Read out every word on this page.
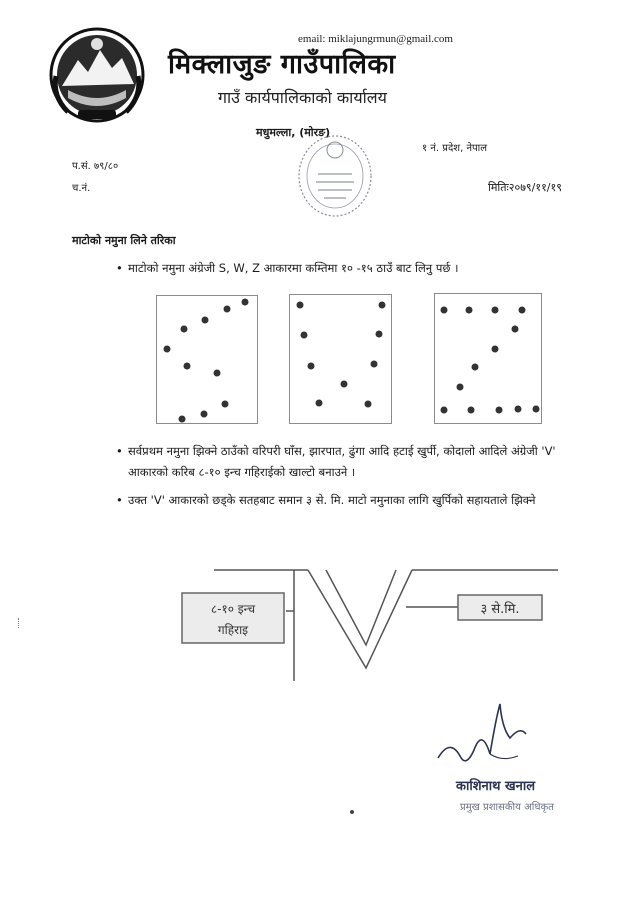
email: miklajungrmun@gmail.com
मिक्लाजुङ गाउँपालिका
गाउँ कार्यपालिकाको कार्यालय
मधुमल्ला, (मोरङ)
१ नं. प्रदेश, नेपाल
प.सं. ७९/८०
च.नं.	मितिः२०७९/११/१९
माटोको नमुना लिने तरिका
• माटोको नमुना अंग्रेजी S, W, Z आकारमा कम्तिमा १० -१५ ठाउँ बाट लिनु पर्छ ।
• सर्वप्रथम नमुना झिक्ने ठाउँको वरिपरी घाँस, झारपात, ढुंगा आदि हटाई खुर्पी, कोदालो आदिले अंग्रेजी 'V' आकारको करिब ८-१० इन्च गहिराईको खाल्टो बनाउने ।
• उक्त 'V' आकारको छड्के सतहबाट समान ३ से. मि. माटो नमुनाका लागि खुर्पिको सहायताले झिक्ने
८-१० इन्च
गहिराइ
३ से.मि.
काशिनाथ खनाल
प्रमुख प्रशासकीय अधिकृत
